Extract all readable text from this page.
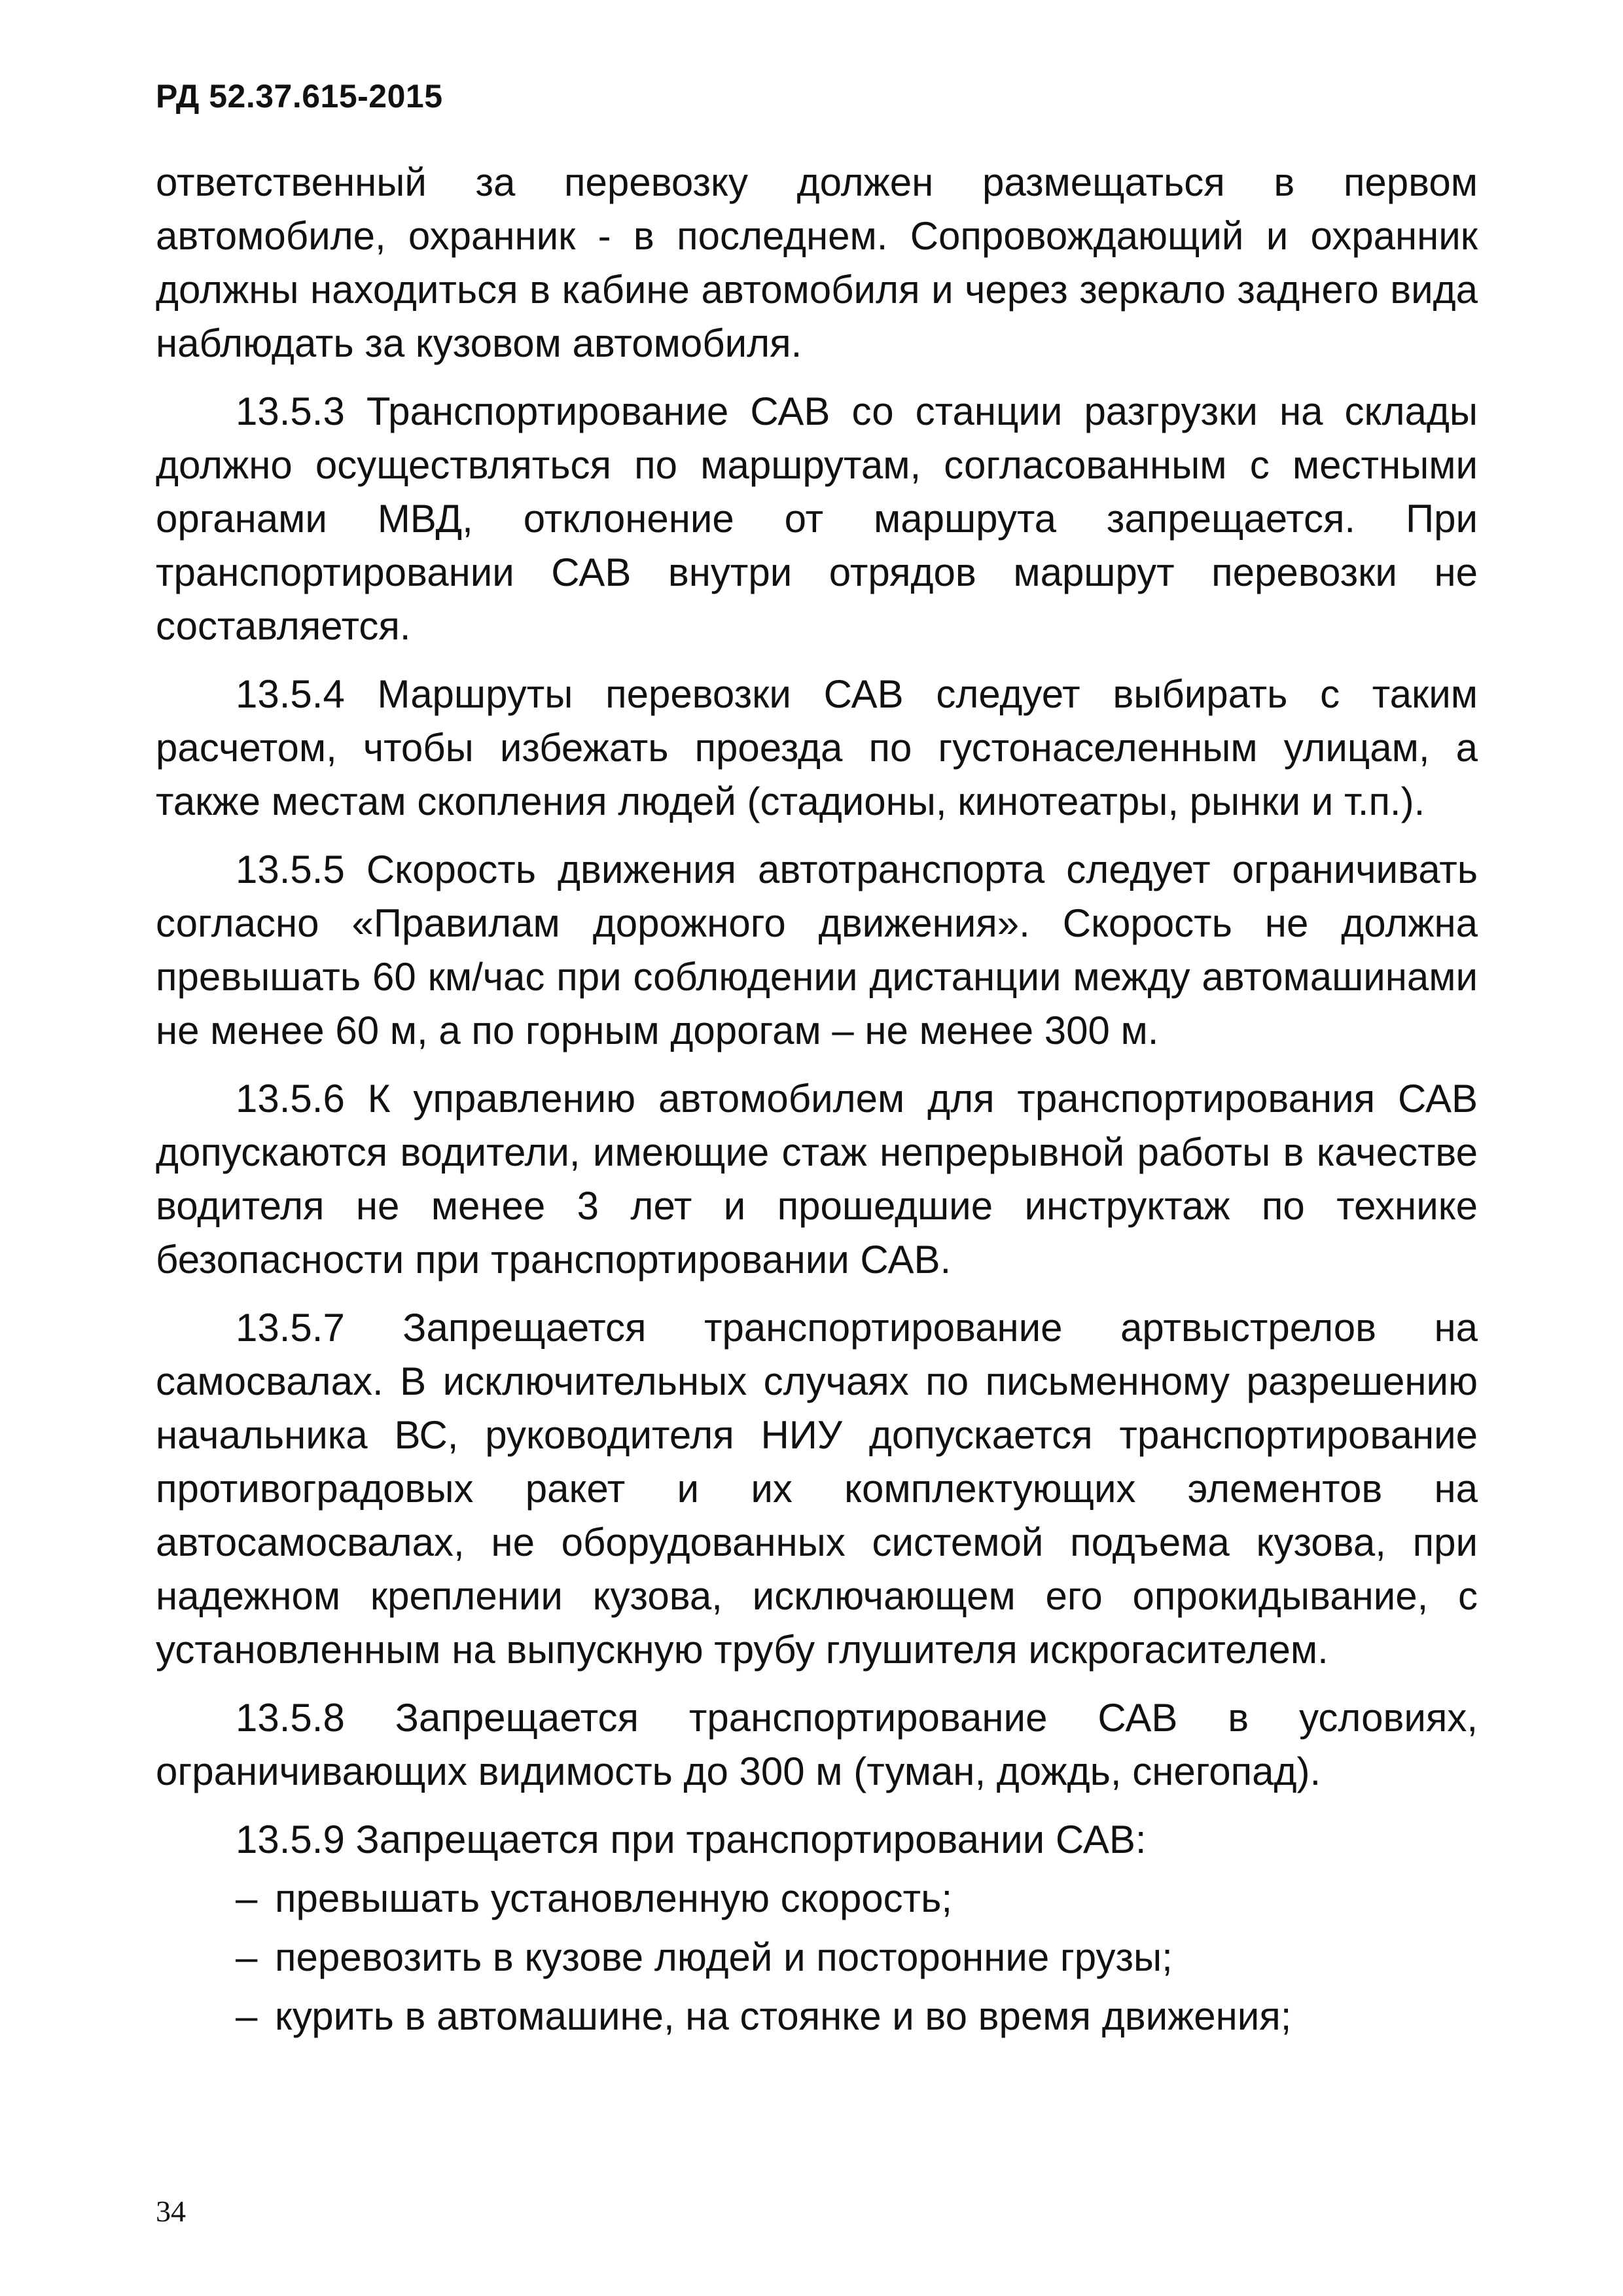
РД 52.37.615-2015

ответственный за перевозку должен размещаться в первом автомобиле, охранник - в последнем. Сопровождающий и охранник должны находиться в кабине автомобиля и через зеркало заднего вида наблюдать за кузовом автомобиля.

13.5.3 Транспортирование САВ со станции разгрузки на склады должно осуществляться по маршрутам, согласованным с местными органами МВД, отклонение от маршрута запрещается. При транспортировании САВ внутри отрядов маршрут перевозки не составляется.

13.5.4 Маршруты перевозки САВ следует выбирать с таким расчетом, чтобы избежать проезда по густонаселенным улицам, а также местам скопления людей (стадионы, кинотеатры, рынки и т.п.).

13.5.5 Скорость движения автотранспорта следует ограничивать согласно «Правилам дорожного движения». Скорость не должна превышать 60 км/час при соблюдении дистанции между автомашинами не менее 60 м, а по горным дорогам – не менее 300 м.

13.5.6 К управлению автомобилем для транспортирования САВ допускаются водители, имеющие стаж непрерывной работы в качестве водителя не менее 3 лет и прошедшие инструктаж по технике безопасности при транспортировании САВ.

13.5.7 Запрещается транспортирование артвыстрелов на самосвалах. В исключительных случаях по письменному разрешению начальника ВС, руководителя НИУ допускается транспортирование противоградовых ракет и их комплектующих элементов на автосамосвалах, не оборудованных системой подъема кузова, при надежном креплении кузова, исключающем его опрокидывание, с установленным на выпускную трубу глушителя искрогасителем.

13.5.8 Запрещается транспортирование САВ в условиях, ограничивающих видимость до 300 м (туман, дождь, снегопад).

13.5.9 Запрещается при транспортировании САВ:

– превышать установленную скорость;
– перевозить в кузове людей и посторонние грузы;
– курить в автомашине, на стоянке и во время движения;
34
